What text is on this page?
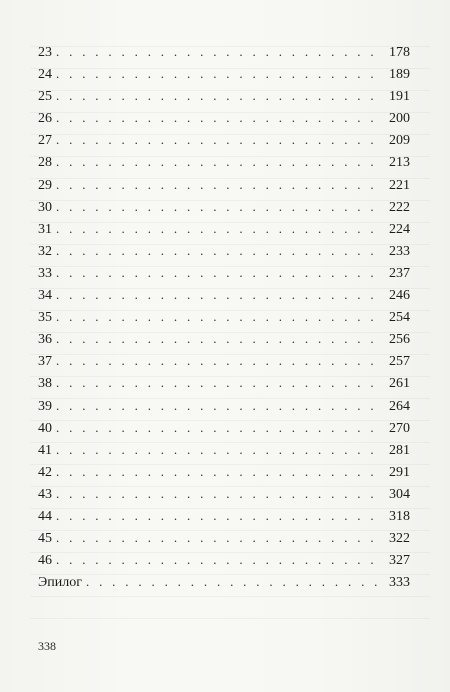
23 . . .	178
24 . . .	189
25 . . .	191
26 . . .	200
27 . . .	209
28 . . .	213
29 . . .	221
30 . . .	222
31 . . .	224
32 . . .	233
33 . . .	237
34 . . .	246
35 . . .	254
36 . . .	256
37 . . .	257
38 . . .	261
39 . . .	264
40 . . .	270
41 . . .	281
42 . . .	291
43 . . .	304
44 . . .	318
45 . . .	322
46 . . .	327
Эпилог . . .	333
338
